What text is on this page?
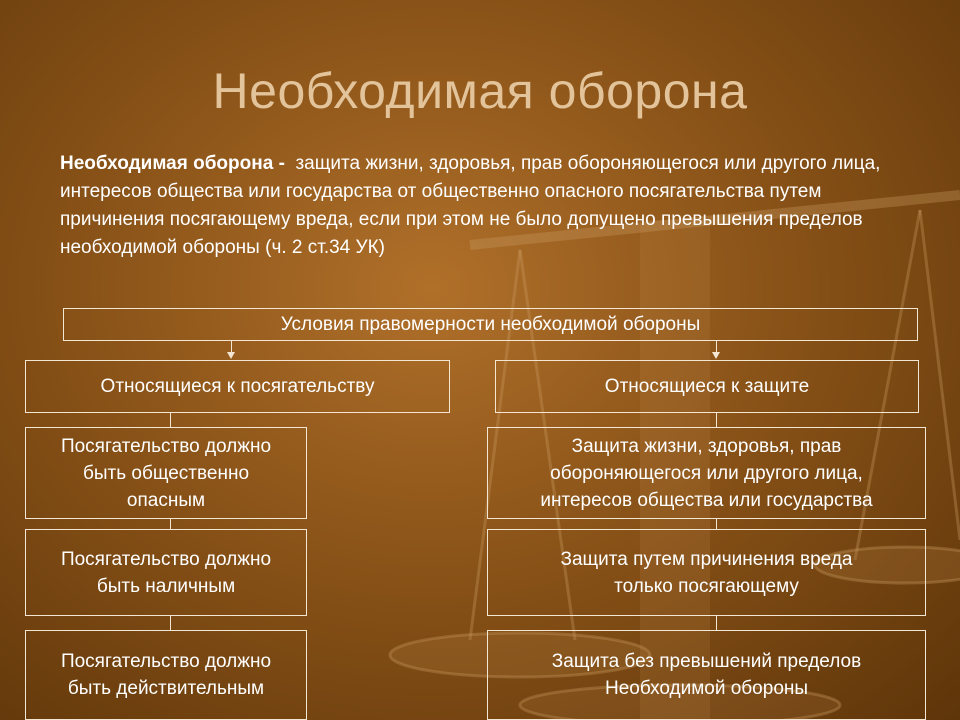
Необходимая оборона
Необходимая оборона - защита жизни, здоровья, прав обороняющегося или другого лица, интересов общества или государства от общественно опасного посягательства путем причинения посягающему вреда, если при этом не было допущено превышения пределов необходимой обороны (ч. 2 ст.34 УК)
Условия правомерности необходимой обороны
Относящиеся к посягательству	Относящиеся к защите
Посягательство должно
быть общественно
опасным
Посягательство должно
быть наличным
Посягательство должно
быть действительным
Защита жизни, здоровья, прав
обороняющегося или другого лица,
интересов общества или государства
Защита путем причинения вреда
только посягающему
Защита без превышений пределов
Необходимой обороны
